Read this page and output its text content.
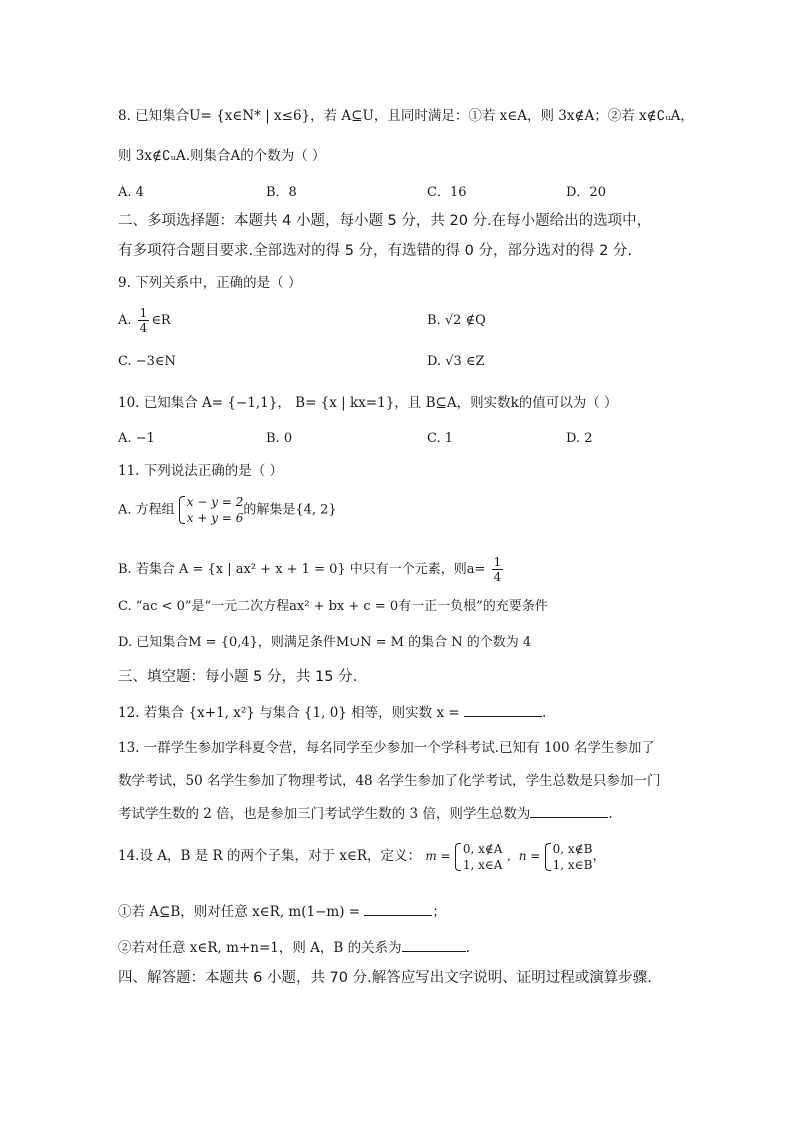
8. 已知集合U= {x∈N* | x≤6}，若 A⊆U，且同时满足：①若 x∈A，则 3x∉A；②若 x∉∁ᵤA，
则 3x∉∁ᵤA.则集合A的个数为（ ）
A. 4	B．8	C．16	D．20
二、多项选择题：本题共 4 小题，每小题 5 分，共 20 分.在每小题给出的选项中，
有多项符合题目要求.全部选对的得 5 分，有选错的得 0 分，部分选对的得 2 分.
9. 下列关系中，正确的是（ ）
A. $\frac{1}{4}$ ∈R	B. √2 ∉Q
C. −3∈N	D. √3 ∈Z
10. 已知集合 A= {−1,1}， B= {x | kx=1}，且 B⊆A，则实数k的值可以为（ ）
A. −1	B. 0	C. 1	D. 2
11. 下列说法正确的是（ ）
A. 方程组
x − y = 2
x + y = 6
的解集是{4, 2}
B. 若集合 A = {x | ax² + x + 1 = 0} 中只有一个元素，则$a= \frac{1}{4}$
C. “ac < 0”是“一元二次方程ax² + bx + c = 0有一正一负根”的充要条件
D. 已知集合M = {0,4}，则满足条件M∪N = M 的集合 N 的个数为 4
三、填空题：每小题 5 分，共 15 分.
12. 若集合 {x+1, x²} 与集合 {1, 0} 相等，则实数 x =	.
13. 一群学生参加学科夏令营，每名同学至少参加一个学科考试.已知有 100 名学生参加了
数学考试，50 名学生参加了物理考试，48 名学生参加了化学考试，学生总数是只参加一门
考试学生数的 2 倍，也是参加三门考试学生数的 3 倍，则学生总数为	.
14.设 A，B 是 R 的两个子集，对于 x∈R，定义： m =
0, x∉A
1, x∈A
，n =
0, x∉B
1, x∈B
，
①若 A⊆B，则对任意 x∈R, m(1−m) =	；
②若对任意 x∈R, m+n=1，则 A，B 的关系为	.
四、解答题：本题共 6 小题，共 70 分.解答应写出文字说明、证明过程或演算步骤.
